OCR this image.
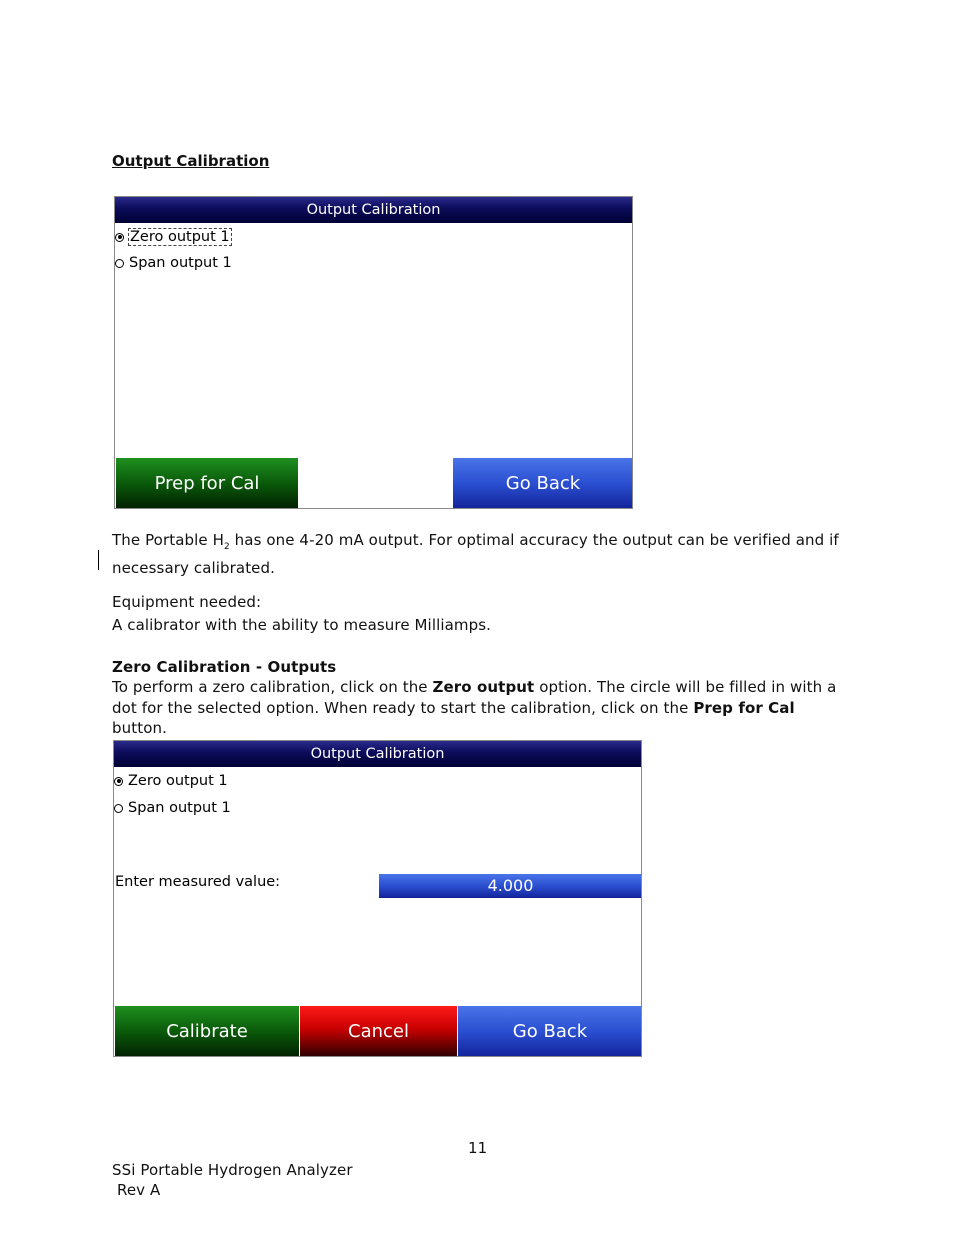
Output Calibration
Output Calibration
Zero output 1
Span output 1
Prep for Cal	Go Back
The Portable $H_2$ has one 4-20 mA output. For optimal accuracy the output can be verified and if
necessary calibrated.
Equipment needed:
A calibrator with the ability to measure Milliamps.
Zero Calibration - Outputs
To perform a zero calibration, click on the Zero output option. The circle will be filled in with a
dot for the selected option. When ready to start the calibration, click on the Prep for Cal button.
Output Calibration
Zero output 1
Span output 1
Enter measured value:	4.000
Calibrate	Cancel	Go Back
11
SSi Portable Hydrogen Analyzer
Rev A
